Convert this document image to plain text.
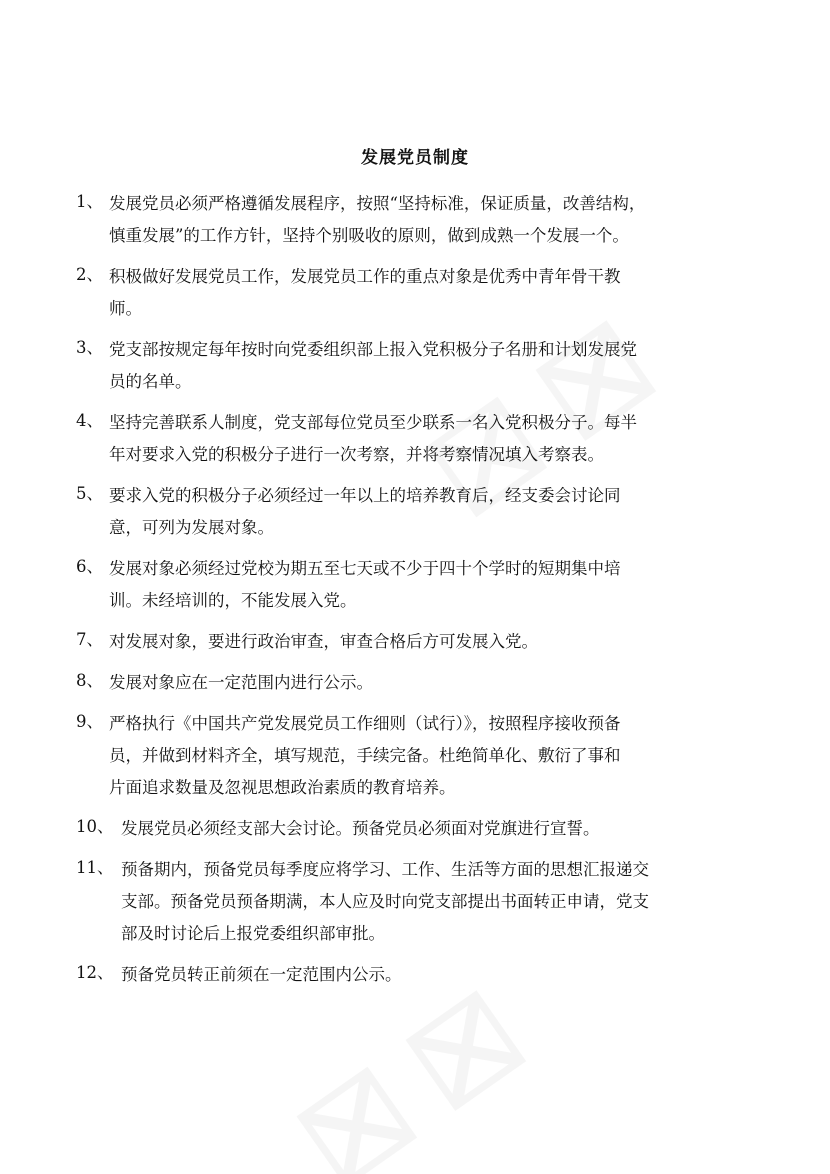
发展党员制度
1、 发展党员必须严格遵循发展程序，按照“坚持标准，保证质量，改善结构，
慎重发展”的工作方针，坚持个别吸收的原则，做到成熟一个发展一个。
2、 积极做好发展党员工作，发展党员工作的重点对象是优秀中青年骨干教
师。
3、 党支部按规定每年按时向党委组织部上报入党积极分子名册和计划发展党
员的名单。
4、 坚持完善联系人制度，党支部每位党员至少联系一名入党积极分子。每半
年对要求入党的积极分子进行一次考察，并将考察情况填入考察表。
5、 要求入党的积极分子必须经过一年以上的培养教育后，经支委会讨论同
意，可列为发展对象。
6、 发展对象必须经过党校为期五至七天或不少于四十个学时的短期集中培
训。未经培训的，不能发展入党。
7、 对发展对象，要进行政治审查，审查合格后方可发展入党。
8、 发展对象应在一定范围内进行公示。
9、 严格执行《中国共产党发展党员工作细则（试行）》，按照程序接收预备
员，并做到材料齐全，填写规范，手续完备。杜绝简单化、敷衍了事和
片面追求数量及忽视思想政治素质的教育培养。
10、 发展党员必须经支部大会讨论。预备党员必须面对党旗进行宣誓。
11、 预备期内，预备党员每季度应将学习、工作、生活等方面的思想汇报递交
支部。预备党员预备期满，本人应及时向党支部提出书面转正申请，党支
部及时讨论后上报党委组织部审批。
12、 预备党员转正前须在一定范围内公示。
